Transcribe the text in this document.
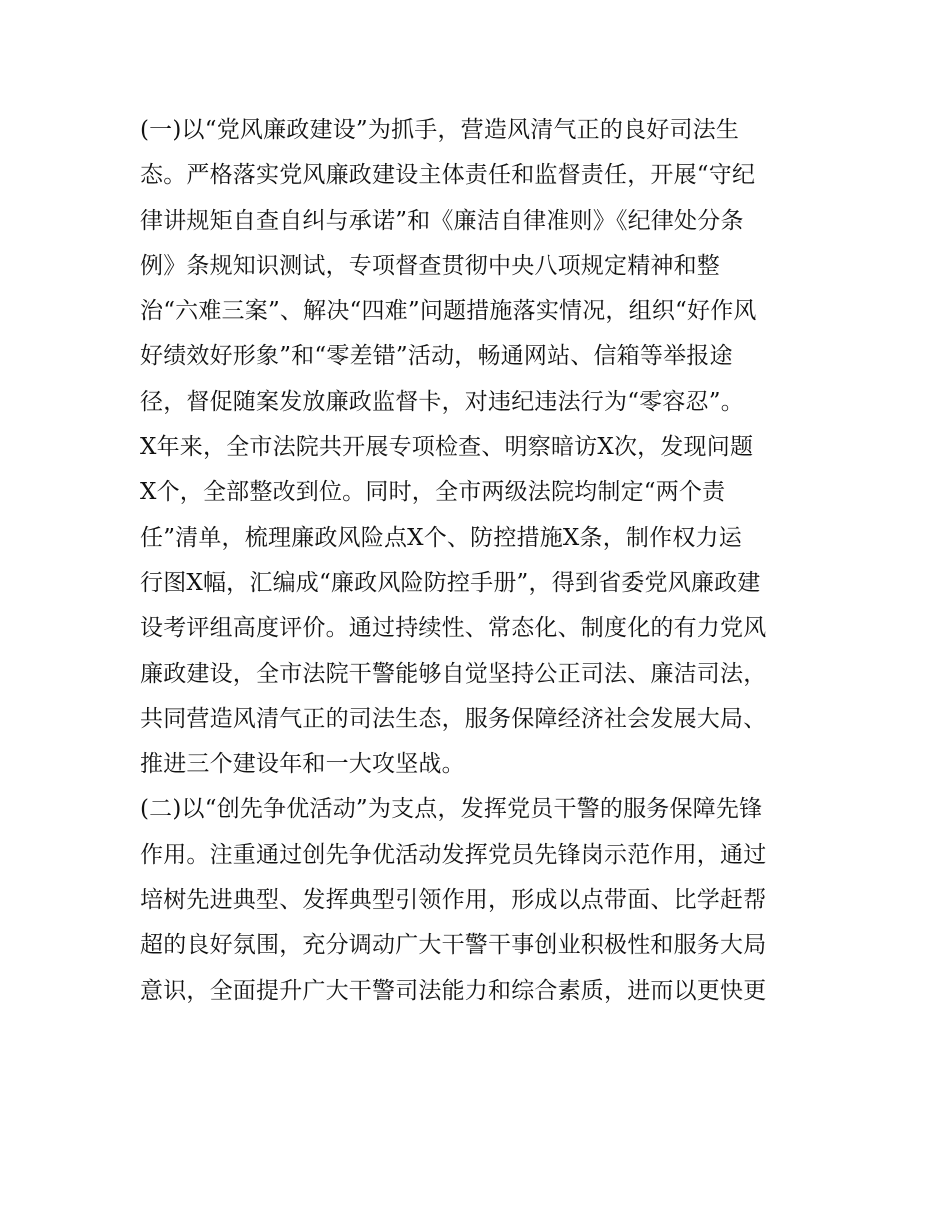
(一)以“党风廉政建设”为抓手，营造风清气正的良好司法生
态。严格落实党风廉政建设主体责任和监督责任，开展“守纪
律讲规矩自查自纠与承诺”和《廉洁自律准则》《纪律处分条
例》条规知识测试，专项督查贯彻中央八项规定精神和整
治“六难三案”、解决“四难”问题措施落实情况，组织“好作风
好绩效好形象”和“零差错”活动，畅通网站、信箱等举报途
径，督促随案发放廉政监督卡，对违纪违法行为“零容忍”。
X年来，全市法院共开展专项检查、明察暗访X次，发现问题
X个，全部整改到位。同时，全市两级法院均制定“两个责
任”清单，梳理廉政风险点X个、防控措施X条，制作权力运
行图X幅，汇编成“廉政风险防控手册”，得到省委党风廉政建
设考评组高度评价。通过持续性、常态化、制度化的有力党风
廉政建设，全市法院干警能够自觉坚持公正司法、廉洁司法，
共同营造风清气正的司法生态，服务保障经济社会发展大局、
推进三个建设年和一大攻坚战。
(二)以“创先争优活动”为支点，发挥党员干警的服务保障先锋
作用。注重通过创先争优活动发挥党员先锋岗示范作用，通过
培树先进典型、发挥典型引领作用，形成以点带面、比学赶帮
超的良好氛围，充分调动广大干警干事创业积极性和服务大局
意识，全面提升广大干警司法能力和综合素质，进而以更快更
